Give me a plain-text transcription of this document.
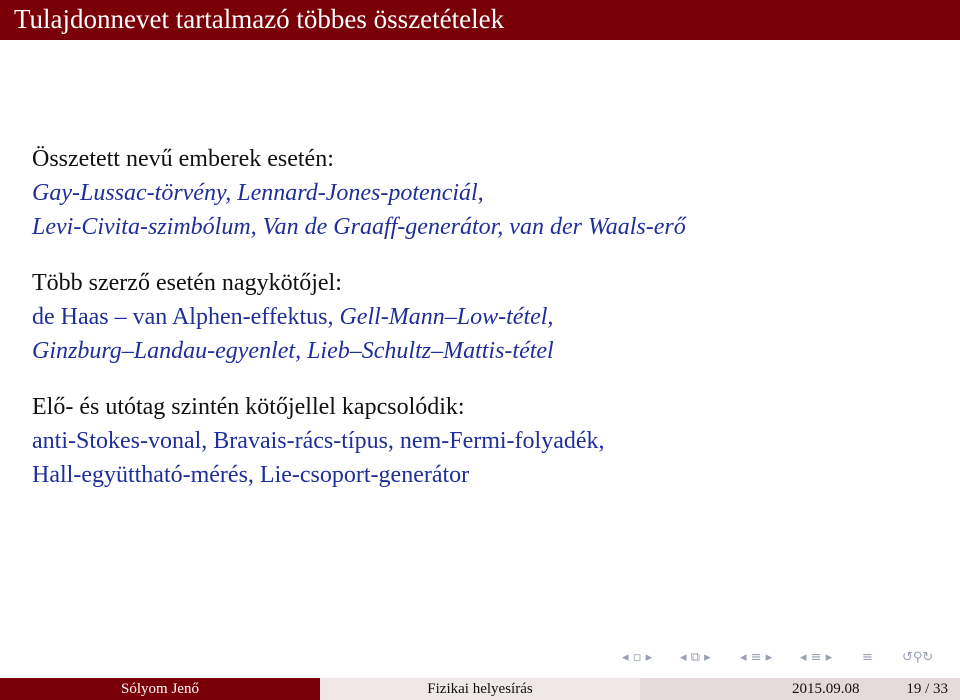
Tulajdonnevet tartalmazó többes összetételek
Összetett nevű emberek esetén:
Gay-Lussac-törvény, Lennard-Jones-potenciál,
Levi-Civita-szimbólum, Van de Graaff-generátor, van der Waals-erő
Több szerző esetén nagykötőjel:
de Haas – van Alphen-effektus, Gell-Mann–Low-tétel,
Ginzburg–Landau-egyenlet, Lieb–Schultz–Mattis-tétel
Elő- és utótag szintén kötőjellel kapcsolódik:
anti-Stokes-vonal, Bravais-rács-típus, nem-Fermi-folyadék,
Hall-együttható-mérés, Lie-csoport-generátor
◂ ▫ ▸ ◂ ⧉ ▸ ◂ ≡ ▸ ◂ ≡ ▸ ≡ ↺⚲↻
Sólyom Jenő	Fizikai helyesírás	2015.09.08	19 / 33
